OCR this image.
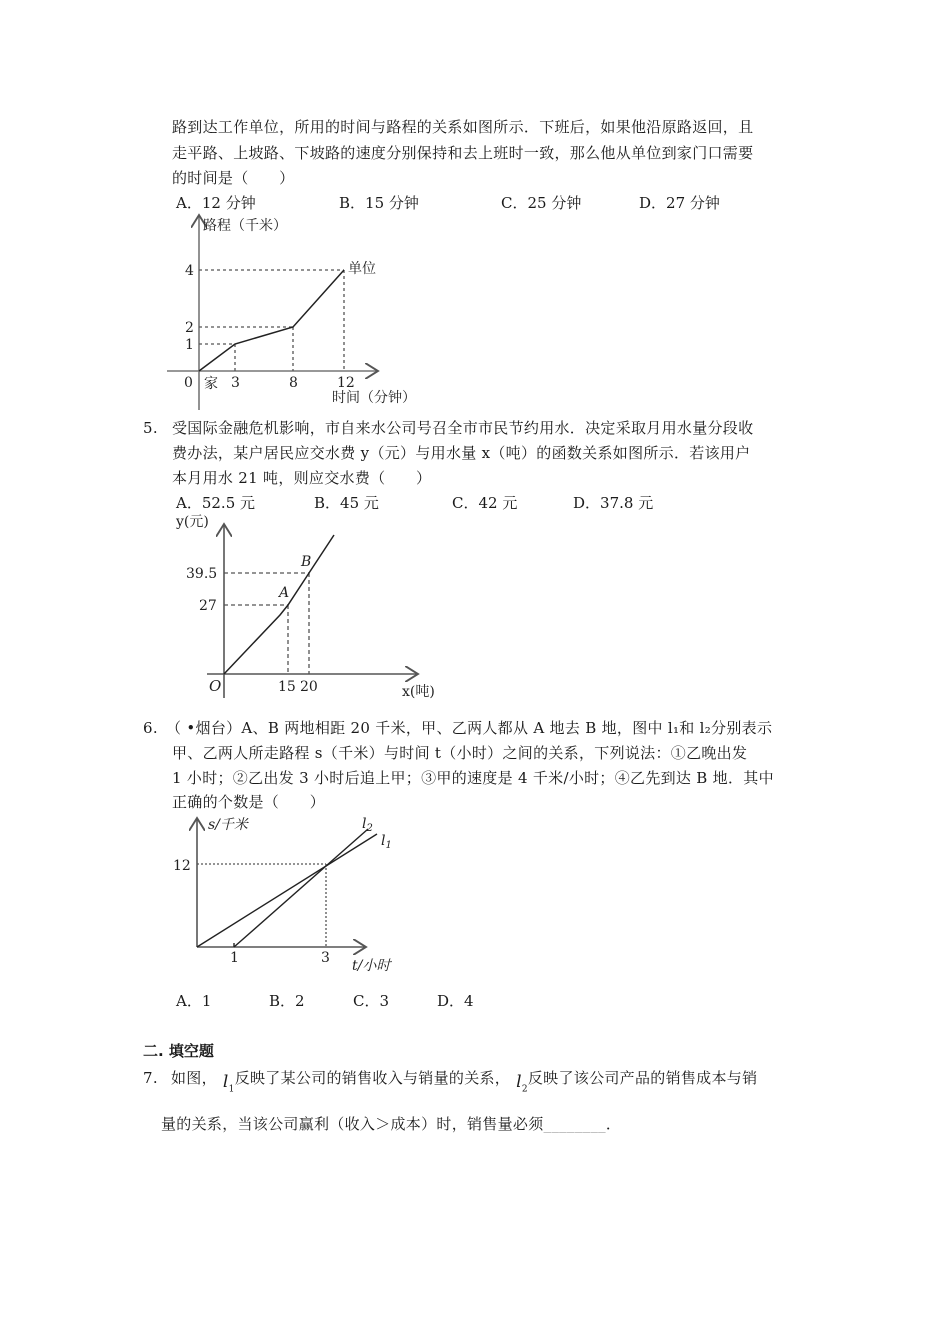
路到达工作单位，所用的时间与路程的关系如图所示．下班后，如果他沿原路返回，且
走平路、上坡路、下坡路的速度分别保持和去上班时一致，那么他从单位到家门口需要
的时间是（　　）
A．12 分钟	B．15 分钟	C．25 分钟	D．27 分钟
路程（千米）
单位
4
2
1
0 家 3	8	12
时间（分钟）
5. 受国际金融危机影响，市自来水公司号召全市市民节约用水．决定采取月用水量分段收
费办法，某户居民应交水费 y（元）与用水量 x（吨）的函数关系如图所示．若该用户
本月用水 21 吨，则应交水费（　　）
A．52.5 元	B．45 元	C．42 元	D．37.8 元
y(元)
39.5
27
A
B
O	15 20	x(吨)
6. （ •烟台）A、B 两地相距 20 千米，甲、乙两人都从 A 地去 B 地，图中 l₁和 l₂分别表示
甲、乙两人所走路程 s（千米）与时间 t（小时）之间的关系，下列说法：①乙晚出发
1 小时；②乙出发 3 小时后追上甲；③甲的速度是 4 千米/小时；④乙先到达 B 地．其中
正确的个数是（　　）
s/千米
12
1	3 t/小时
$l_2$
$l_1$
A．1	B．2	C．3	D．4
二. 填空题
7. 如图， $l_1$反映了某公司的销售收入与销量的关系， $l_2$反映了该公司产品的销售成本与销
量的关系，当该公司赢利（收入＞成本）时，销售量必须________．
